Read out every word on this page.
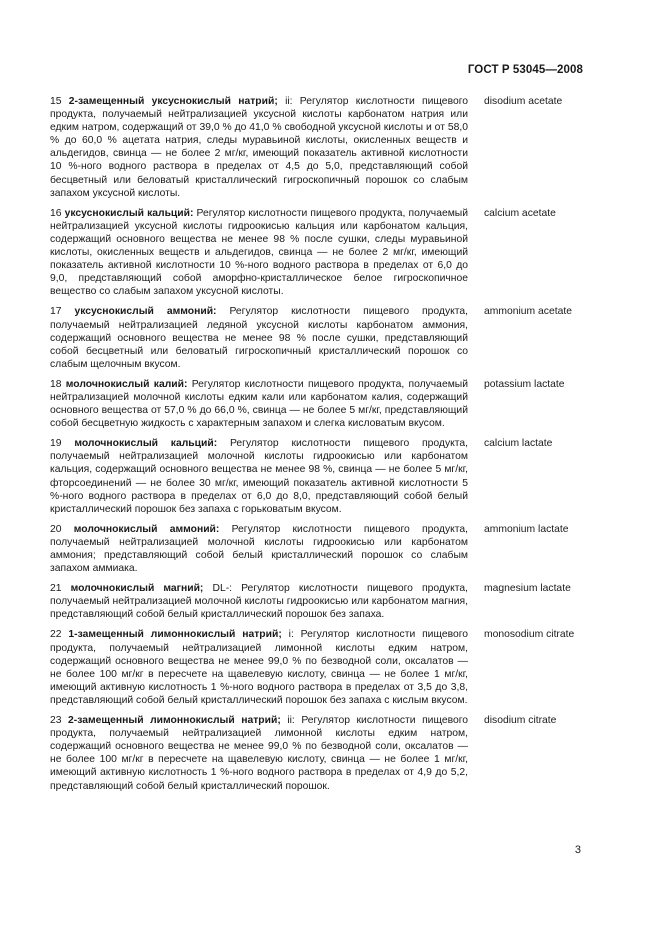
ГОСТ Р 53045—2008
15 2-замещенный уксуснокислый натрий; ii: Регулятор кислотности пищевого продукта, получаемый нейтрализацией уксусной кислоты карбонатом натрия или едким натром, содержащий от 39,0 % до 41,0 % свободной уксусной кислоты и от 58,0 % до 60,0 % ацетата натрия, следы муравьиной кислоты, окисленных веществ и альдегидов, свинца — не более 2 мг/кг, имеющий показатель активной кислотности 10 %-ного водного раствора в пределах от 4,5 до 5,0, представляющий собой бесцветный или беловатый кристаллический гигроскопичный порошок со слабым запахом уксусной кислоты.
disodium acetate
16 уксуснокислый кальций: Регулятор кислотности пищевого продукта, получаемый нейтрализацией уксусной кислоты гидроокисью кальция или карбонатом кальция, содержащий основного вещества не менее 98 % после сушки, следы муравьиной кислоты, окисленных веществ и альдегидов, свинца — не более 2 мг/кг, имеющий показатель активной кислотности 10 %-ного водного раствора в пределах от 6,0 до 9,0, представляющий собой аморфно-кристаллическое белое гигроскопичное вещество со слабым запахом уксусной кислоты.
calcium acetate
17 уксуснокислый аммоний: Регулятор кислотности пищевого продукта, получаемый нейтрализацией ледяной уксусной кислоты карбонатом аммония, содержащий основного вещества не менее 98 % после сушки, представляющий собой бесцветный или беловатый гигроскопичный кристаллический порошок со слабым щелочным вкусом.
ammonium acetate
18 молочнокислый калий: Регулятор кислотности пищевого продукта, получаемый нейтрализацией молочной кислоты едким кали или карбонатом калия, содержащий основного вещества от 57,0 % до 66,0 %, свинца — не более 5 мг/кг, представляющий собой бесцветную жидкость с характерным запахом и слегка кисловатым вкусом.
potassium lactate
19 молочнокислый кальций: Регулятор кислотности пищевого продукта, получаемый нейтрализацией молочной кислоты гидроокисью или карбонатом кальция, содержащий основного вещества не менее 98 %, свинца — не более 5 мг/кг, фторсоединений — не более 30 мг/кг, имеющий показатель активной кислотности 5 %-ного водного раствора в пределах от 6,0 до 8,0, представляющий собой белый кристаллический порошок без запаха с горьковатым вкусом.
calcium lactate
20 молочнокислый аммоний: Регулятор кислотности пищевого продукта, получаемый нейтрализацией молочной кислоты гидроокисью или карбонатом аммония; представляющий собой белый кристаллический порошок со слабым запахом аммиака.
ammonium lactate
21 молочнокислый магний; DL-: Регулятор кислотности пищевого продукта, получаемый нейтрализацией молочной кислоты гидроокисью или карбонатом магния, представляющий собой белый кристаллический порошок без запаха.
magnesium lactate
22 1-замещенный лимоннокислый натрий; i: Регулятор кислотности пищевого продукта, получаемый нейтрализацией лимонной кислоты едким натром, содержащий основного вещества не менее 99,0 % по безводной соли, оксалатов — не более 100 мг/кг в пересчете на щавелевую кислоту, свинца — не более 1 мг/кг, имеющий активную кислотность 1 %-ного водного раствора в пределах от 3,5 до 3,8, представляющий собой белый кристаллический порошок без запаха с кислым вкусом.
monosodium citrate
23 2-замещенный лимоннокислый натрий; ii: Регулятор кислотности пищевого продукта, получаемый нейтрализацией лимонной кислоты едким натром, содержащий основного вещества не менее 99,0 % по безводной соли, оксалатов — не более 100 мг/кг в пересчете на щавелевую кислоту, свинца — не более 1 мг/кг, имеющий активную кислотность 1 %-ного водного раствора в пределах от 4,9 до 5,2, представляющий собой белый кристаллический порошок.
disodium citrate
3
